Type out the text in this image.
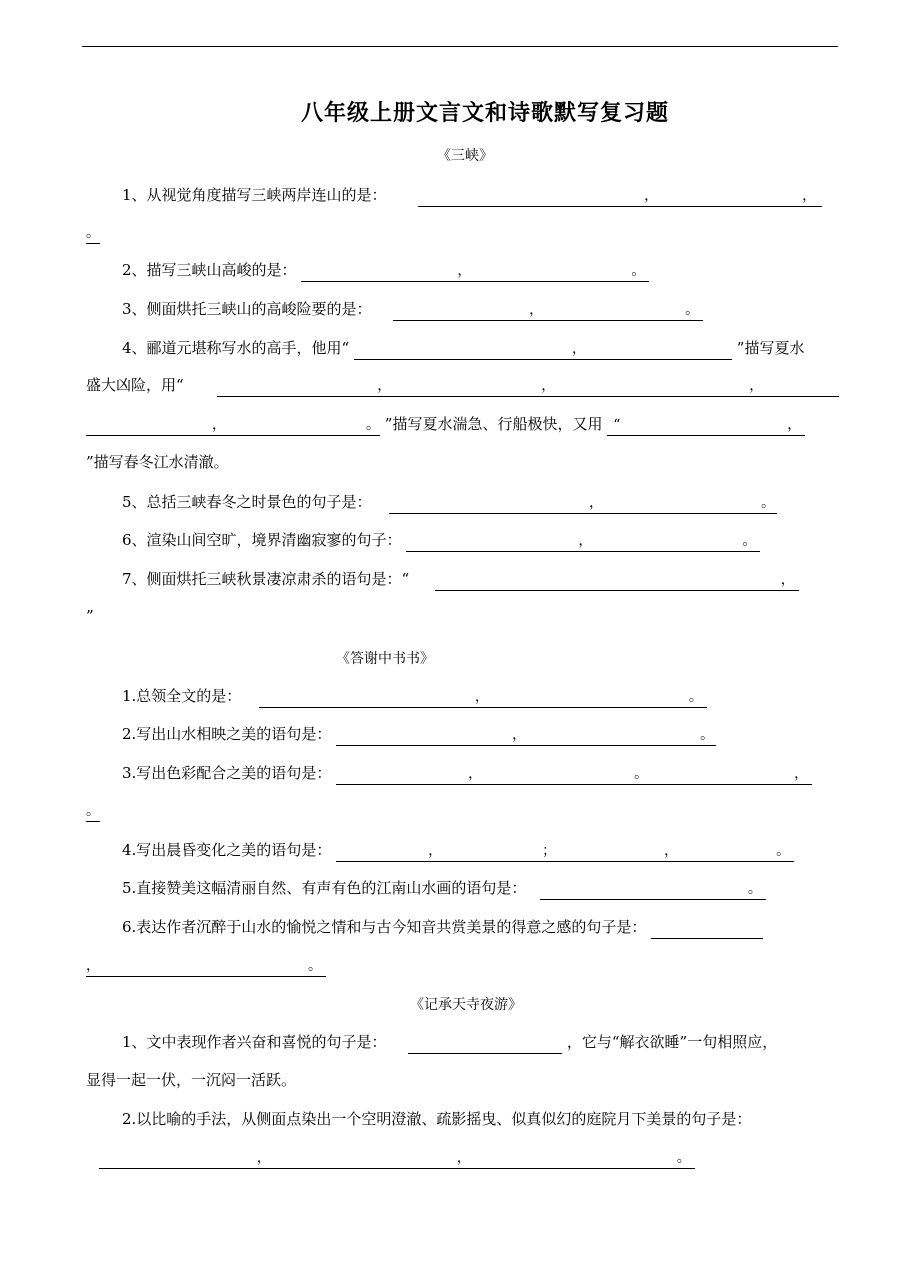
八年级上册文言文和诗歌默写复习题
《三峡》
1、从视觉角度描写三峡两岸连山的是：	，	，
。
2、描写三峡山高峻的是：	，	。
3、侧面烘托三峡山的高峻险要的是：	，	。
4、郦道元堪称写水的高手，他用“	，	”描写夏水
盛大凶险，用“	，	，	，
，	。 ”描写夏水湍急、行船极快，又用 “	，
”描写春冬江水清澈。
5、总括三峡春冬之时景色的句子是：	，	。
6、渲染山间空旷，境界清幽寂寥的句子：	，	。
7、侧面烘托三峡秋景凄凉肃杀的语句是：“	，
”
《答谢中书书》
1.总领全文的是：	，	。
2.写出山水相映之美的语句是：	，	。
3.写出色彩配合之美的语句是：	，	。	，
。
4.写出晨昏变化之美的语句是：	，	；	，	。
5.直接赞美这幅清丽自然、有声有色的江南山水画的语句是：	。
6.表达作者沉醉于山水的愉悦之情和与古今知音共赏美景的得意之感的句子是：
，	。
《记承天寺夜游》
1、文中表现作者兴奋和喜悦的句子是：	，它与“解衣欲睡”一句相照应，
显得一起一伏，一沉闷一活跃。
2.以比喻的手法，从侧面点染出一个空明澄澈、疏影摇曳、似真似幻的庭院月下美景的句子是：

，	，	。
